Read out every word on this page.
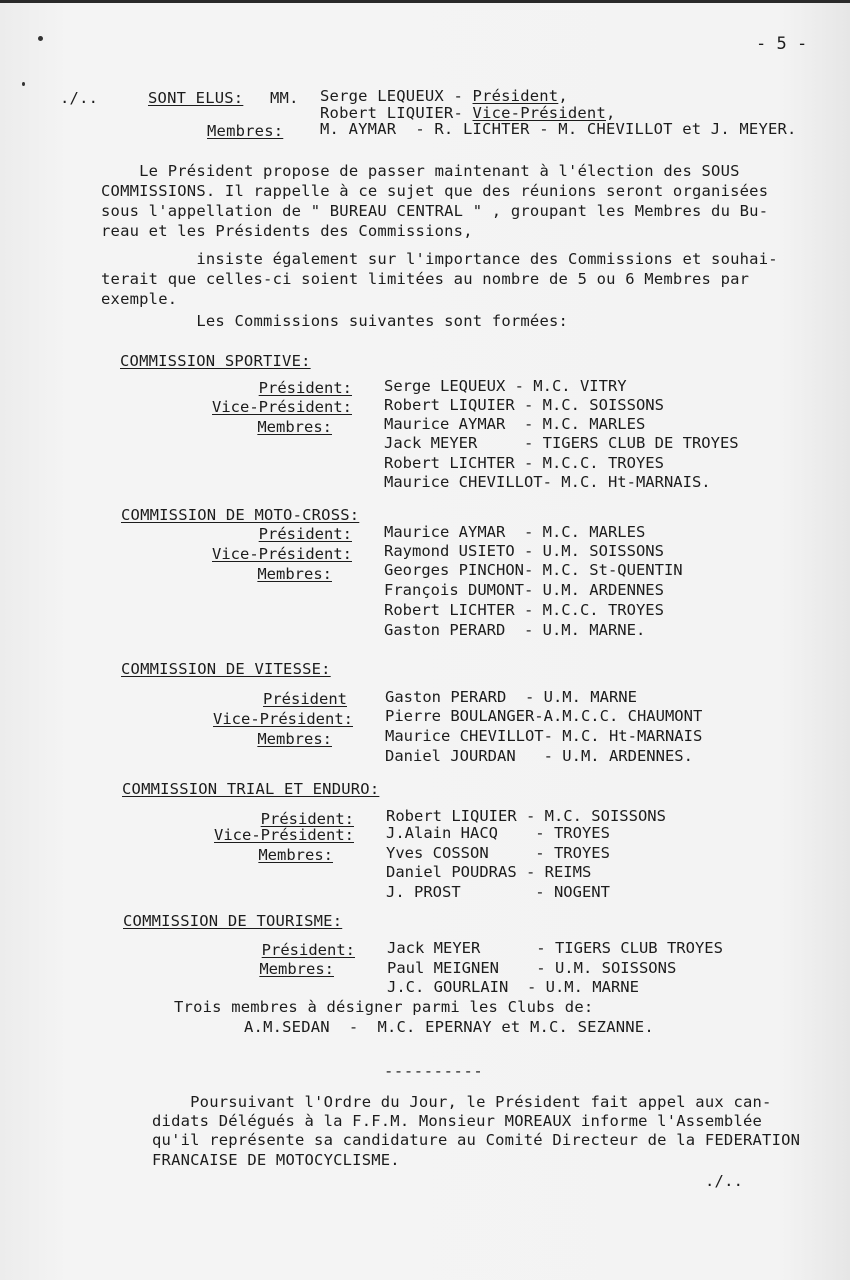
- 5 -
./..	SONT ELUS: MM. Serge LEQUEUX - Président,
Robert LIQUIER- Vice-Président,
Membres: M. AYMAR  - R. LICHTER - M. CHEVILLOT et J. MEYER.
Le Président propose de passer maintenant à l'élection des SOUS
COMMISSIONS. Il rappelle à ce sujet que des réunions seront organisées
sous l'appellation de " BUREAU CENTRAL " , groupant les Membres du Bu-
reau et les Présidents des Commissions,
insiste également sur l'importance des Commissions et souhai-
terait que celles-ci soient limitées au nombre de 5 ou 6 Membres par
exemple.
Les Commissions suivantes sont formées:
COMMISSION SPORTIVE:
Président:
Vice-Président:
Membres:
Serge LEQUEUX - M.C. VITRY
Robert LIQUIER - M.C. SOISSONS
Maurice AYMAR  - M.C. MARLES
Jack MEYER     - TIGERS CLUB DE TROYES
Robert LICHTER - M.C.C. TROYES
Maurice CHEVILLOT- M.C. Ht-MARNAIS.
COMMISSION DE MOTO-CROSS:
Président:
Vice-Président:
Membres:
Maurice AYMAR  - M.C. MARLES
Raymond USIETO - U.M. SOISSONS
Georges PINCHON- M.C. St-QUENTIN
François DUMONT- U.M. ARDENNES
Robert LICHTER - M.C.C. TROYES
Gaston PERARD  - U.M. MARNE.
COMMISSION DE VITESSE:
Président
Vice-Président:
Membres:
Gaston PERARD  - U.M. MARNE
Pierre BOULANGER-A.M.C.C. CHAUMONT
Maurice CHEVILLOT- M.C. Ht-MARNAIS
Daniel JOURDAN   - U.M. ARDENNES.
COMMISSION TRIAL ET ENDURO:
Président:
Vice-Président:
Membres:
Robert LIQUIER - M.C. SOISSONS
J.Alain HACQ    - TROYES
Yves COSSON     - TROYES
Daniel POUDRAS - REIMS
J. PROST        - NOGENT
COMMISSION DE TOURISME:
Président:
Membres:
Jack MEYER      - TIGERS CLUB TROYES
Paul MEIGNEN    - U.M. SOISSONS
J.C. GOURLAIN  - U.M. MARNE
Trois membres à désigner parmi les Clubs de:
A.M.SEDAN  -  M.C. EPERNAY et M.C. SEZANNE.
----------
Poursuivant l'Ordre du Jour, le Président fait appel aux can-
didats Délégués à la F.F.M. Monsieur MOREAUX informe l'Assemblée
qu'il représente sa candidature au Comité Directeur de la FEDERATION
FRANCAISE DE MOTOCYCLISME.
./..
